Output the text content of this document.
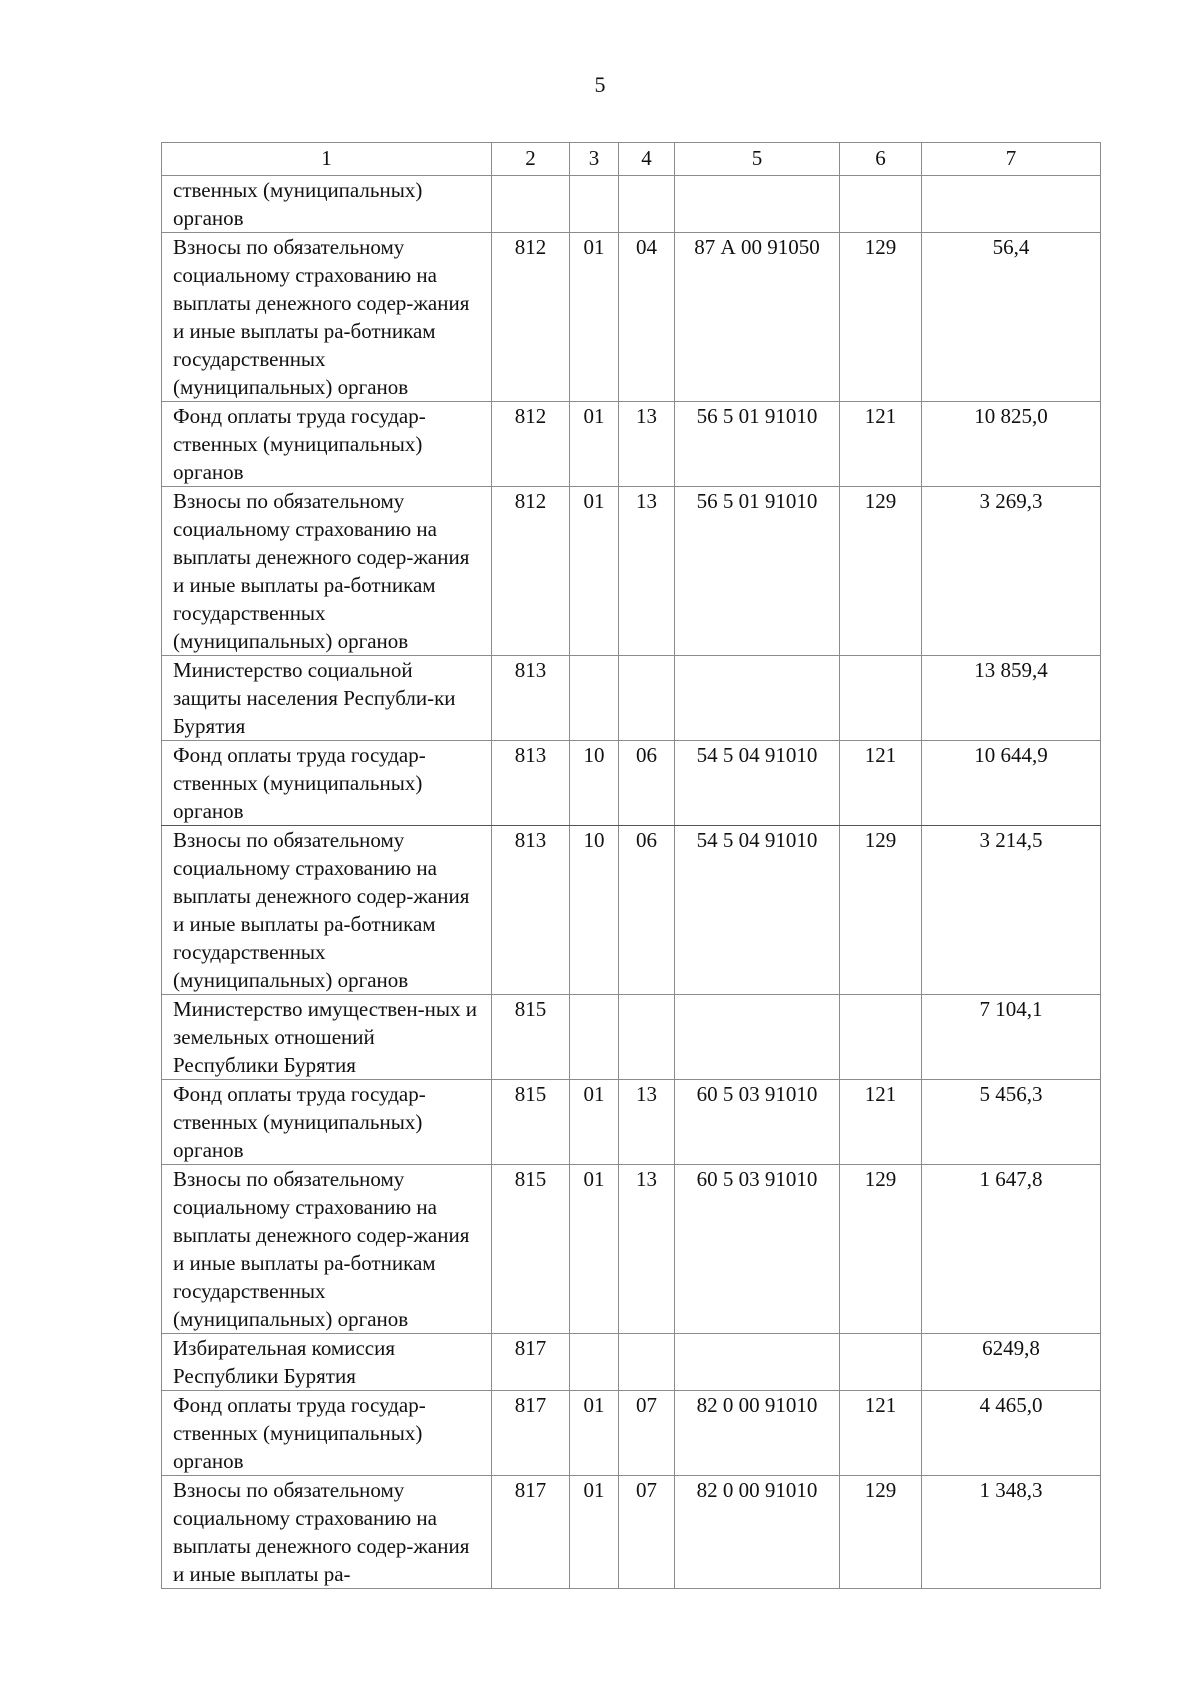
5
1	2	3	4	5	6	7
ственных (муниципальных) органов						
Взносы по обязательному социальному страхованию на выплаты денежного содер-жания и иные выплаты ра-ботникам государственных (муниципальных) органов	812	01	04	87 А 00 91050	129	56,4
Фонд оплаты труда государ-ственных (муниципальных) органов	812	01	13	56 5 01 91010	121	10 825,0
Взносы по обязательному социальному страхованию на выплаты денежного содер-жания и иные выплаты ра-ботникам государственных (муниципальных) органов	812	01	13	56 5 01 91010	129	3 269,3
Министерство социальной защиты населения Республи-ки Бурятия	813					13 859,4
Фонд оплаты труда государ-ственных (муниципальных) органов	813	10	06	54 5 04 91010	121	10 644,9
Взносы по обязательному социальному страхованию на выплаты денежного содер-жания и иные выплаты ра-ботникам государственных (муниципальных) органов	813	10	06	54 5 04 91010	129	3 214,5
Министерство имуществен-ных и земельных отношений Республики Бурятия	815					7 104,1
Фонд оплаты труда государ-ственных (муниципальных) органов	815	01	13	60 5 03 91010	121	5 456,3
Взносы по обязательному социальному страхованию на выплаты денежного содер-жания и иные выплаты ра-ботникам государственных (муниципальных) органов	815	01	13	60 5 03 91010	129	1 647,8
Избирательная комиссия Республики Бурятия	817					6249,8
Фонд оплаты труда государ-ственных (муниципальных) органов	817	01	07	82 0 00 91010	121	4 465,0
Взносы по обязательному социальному страхованию на выплаты денежного содер-жания и иные выплаты ра-	817	01	07	82 0 00 91010	129	1 348,3
